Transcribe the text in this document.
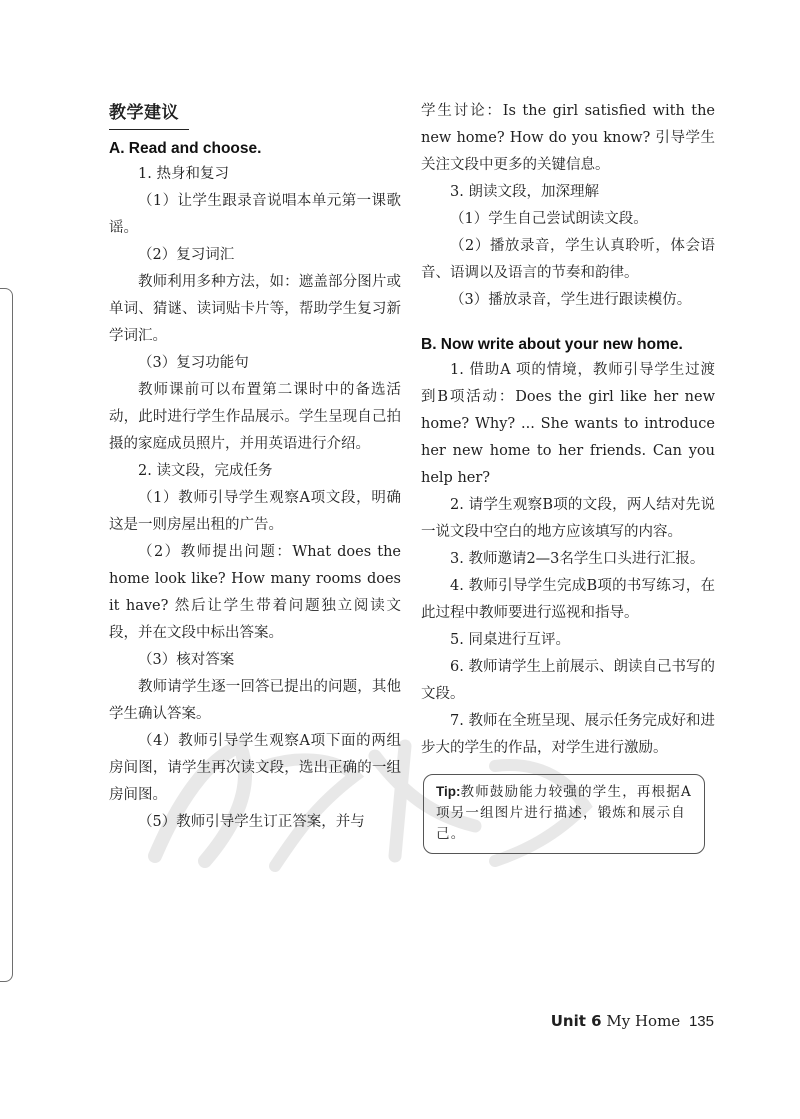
教学建议
A. Read and choose.

1. 热身和复习

（1）让学生跟录音说唱本单元第一课歌谣。

（2）复习词汇

教师利用多种方法，如：遮盖部分图片或单词、猜谜、读词贴卡片等，帮助学生复习新学词汇。

（3）复习功能句

教师课前可以布置第二课时中的备选活动，此时进行学生作品展示。学生呈现自己拍摄的家庭成员照片，并用英语进行介绍。

2. 读文段，完成任务

（1）教师引导学生观察A项文段，明确这是一则房屋出租的广告。

（2）教师提出问题：What does the home look like? How many rooms does it have? 然后让学生带着问题独立阅读文段，并在文段中标出答案。

（3）核对答案

教师请学生逐一回答已提出的问题，其他学生确认答案。

（4）教师引导学生观察A项下面的两组房间图，请学生再次读文段，选出正确的一组房间图。

（5）教师引导学生订正答案，并与

学生讨论：Is the girl satisfied with the new home? How do you know? 引导学生关注文段中更多的关键信息。

3. 朗读文段，加深理解

（1）学生自己尝试朗读文段。

（2）播放录音，学生认真聆听，体会语音、语调以及语言的节奏和韵律。

（3）播放录音，学生进行跟读模仿。

B. Now write about your new home.

1. 借助A 项的情境，教师引导学生过渡到B项活动：Does the girl like her new home? Why? ... She wants to introduce her new home to her friends. Can you help her?

2. 请学生观察B项的文段，两人结对先说一说文段中空白的地方应该填写的内容。

3. 教师邀请2—3名学生口头进行汇报。

4. 教师引导学生完成B项的书写练习，在此过程中教师要进行巡视和指导。

5. 同桌进行互评。

6. 教师请学生上前展示、朗读自己书写的文段。

7. 教师在全班呈现、展示任务完成好和进步大的学生的作品，对学生进行激励。

Tip:教师鼓励能力较强的学生，再根据A项另一组图片进行描述，锻炼和展示自己。
Unit 6 My Home 135
